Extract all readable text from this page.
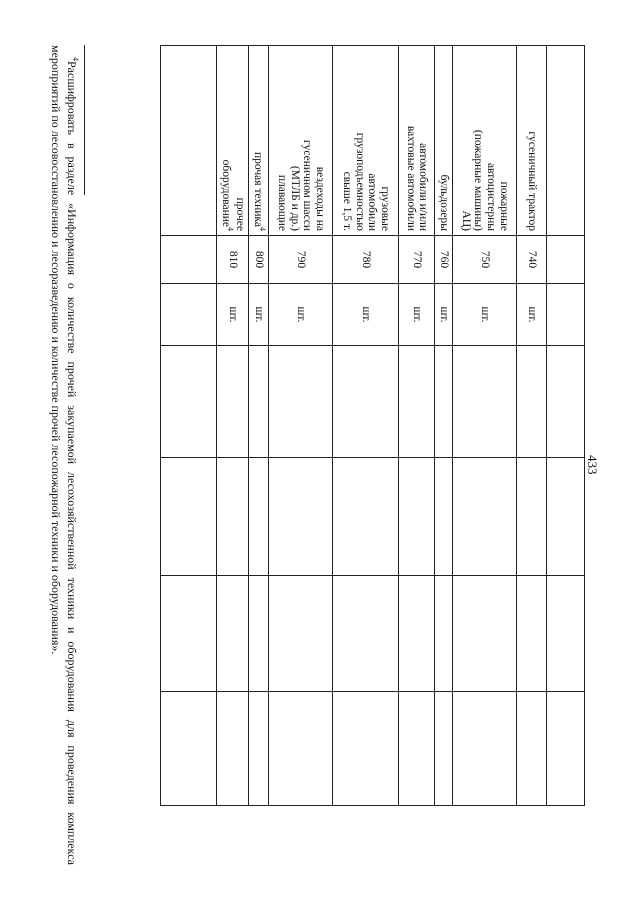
433

гусеничный трактор	740	шт.				
пожарные
автоцистерны
(пожарные машины)
АЦ)	750	шт.				
бульдозеры	760	шт.				
автомобили и/или
вахтовые автомобили	770	шт.				
грузовые
автомобили
грузоподъемностью
свыше 1,5 т.	780	шт.				
вездеходы на
гусеничном шасси
(МТЛБ и др.)
плавающие	790	шт.				
прочая техника$^4$	800	шт.				
прочее
оборудование$^4$	810	шт.				

$^4$Расшифровать в разделе «Информация о количестве прочей закупаемой лесохозяйственной техники и оборудования для проведения комплекса мероприятий по лесовосстановлению и лесоразведению и количестве прочей лесопожарной техники и оборудования».
